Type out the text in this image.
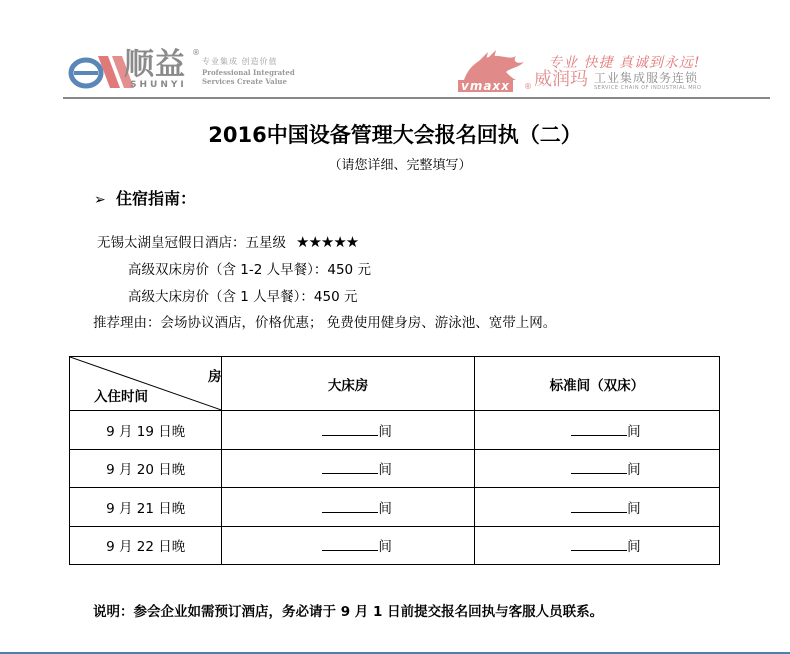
顺益 ®
SHUNYI
专业集成 创造价值
Professional Integrated
Services Create Value	vmaxx	®
专业 快捷 真诚到永远!
威润玛 工业集成服务连锁
SERVICE CHAIN OF INDUSTRIAL MRO
2016中国设备管理大会报名回执（二）
（请您详细、完整填写）
➢ 住宿指南：
无锡太湖皇冠假日酒店：五星级 ★★★★★
高级双床房价（含 1-2 人早餐）：450 元
高级大床房价（含 1 人早餐）：450 元
推荐理由：会场协议酒店，价格优惠； 免费使用健身房、游泳池、宽带上网。
房
入住时间	大床房	标准间（双床）
9 月 19 日晚	间	间
9 月 20 日晚	间	间
9 月 21 日晚	间	间
9 月 22 日晚	间	间
说明：参会企业如需预订酒店，务必请于 9 月 1 日前提交报名回执与客服人员联系。
